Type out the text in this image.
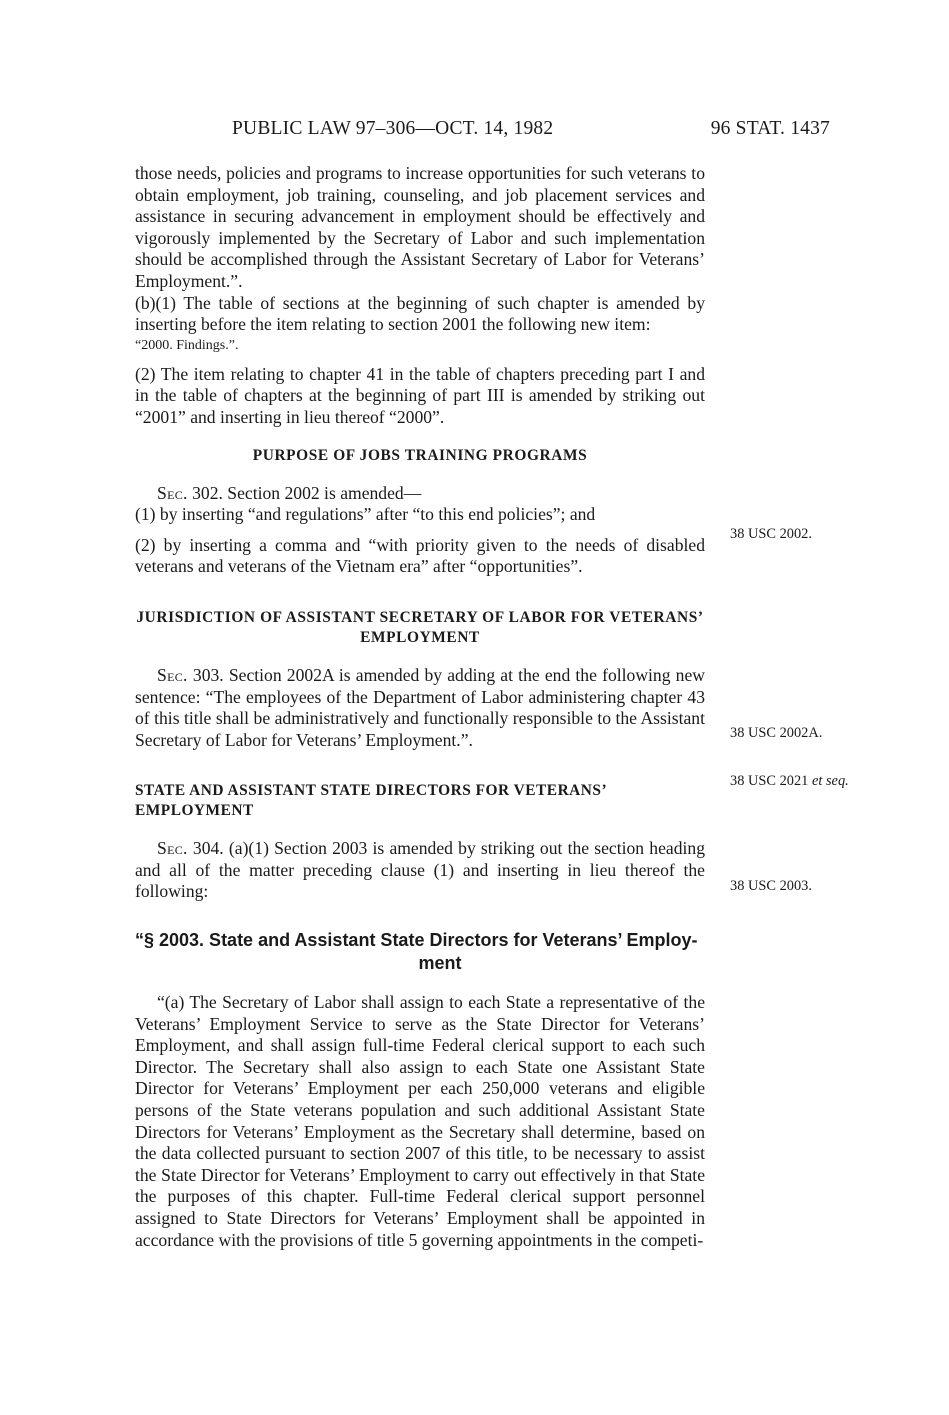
PUBLIC LAW 97–306—OCT. 14, 1982	96 STAT. 1437

those needs, policies and programs to increase opportunities for such veterans to obtain employment, job training, counseling, and job placement services and assistance in securing advancement in employment should be effectively and vigorously implemented by the Secretary of Labor and such implementation should be accomplished through the Assistant Secretary of Labor for Veterans’ Employment.”.

(b)(1) The table of sections at the beginning of such chapter is amended by inserting before the item relating to section 2001 the following new item:

“2000. Findings.”.

(2) The item relating to chapter 41 in the table of chapters preceding part I and in the table of chapters at the beginning of part III is amended by striking out “2001” and inserting in lieu thereof “2000”.

PURPOSE OF JOBS TRAINING PROGRAMS

Sec. 302. Section 2002 is amended—

(1) by inserting “and regulations” after “to this end policies”; and

(2) by inserting a comma and “with priority given to the needs of disabled veterans and veterans of the Vietnam era” after “opportunities”.

JURISDICTION OF ASSISTANT SECRETARY OF LABOR FOR VETERANS’

EMPLOYMENT

Sec. 303. Section 2002A is amended by adding at the end the following new sentence: “The employees of the Department of Labor administering chapter 43 of this title shall be administratively and functionally responsible to the Assistant Secretary of Labor for Veterans’ Employment.”.

STATE AND ASSISTANT STATE DIRECTORS FOR VETERANS’ EMPLOYMENT

Sec. 304. (a)(1) Section 2003 is amended by striking out the section heading and all of the matter preceding clause (1) and inserting in lieu thereof the following:

“§ 2003. State and Assistant State Directors for Veterans’ Employ-
ment

“(a) The Secretary of Labor shall assign to each State a representative of the Veterans’ Employment Service to serve as the State Director for Veterans’ Employment, and shall assign full-time Federal clerical support to each such Director. The Secretary shall also assign to each State one Assistant State Director for Veterans’ Employment per each 250,000 veterans and eligible persons of the State veterans population and such additional Assistant State Directors for Veterans’ Employment as the Secretary shall determine, based on the data collected pursuant to section 2007 of this title, to be necessary to assist the State Director for Veterans’ Employment to carry out effectively in that State the purposes of this chapter. Full-time Federal clerical support personnel assigned to State Directors for Veterans’ Employment shall be appointed in accordance with the provisions of title 5 governing appointments in the competi-

38 USC 2002.
38 USC 2002A.
38 USC 2021 et seq.
38 USC 2003.
